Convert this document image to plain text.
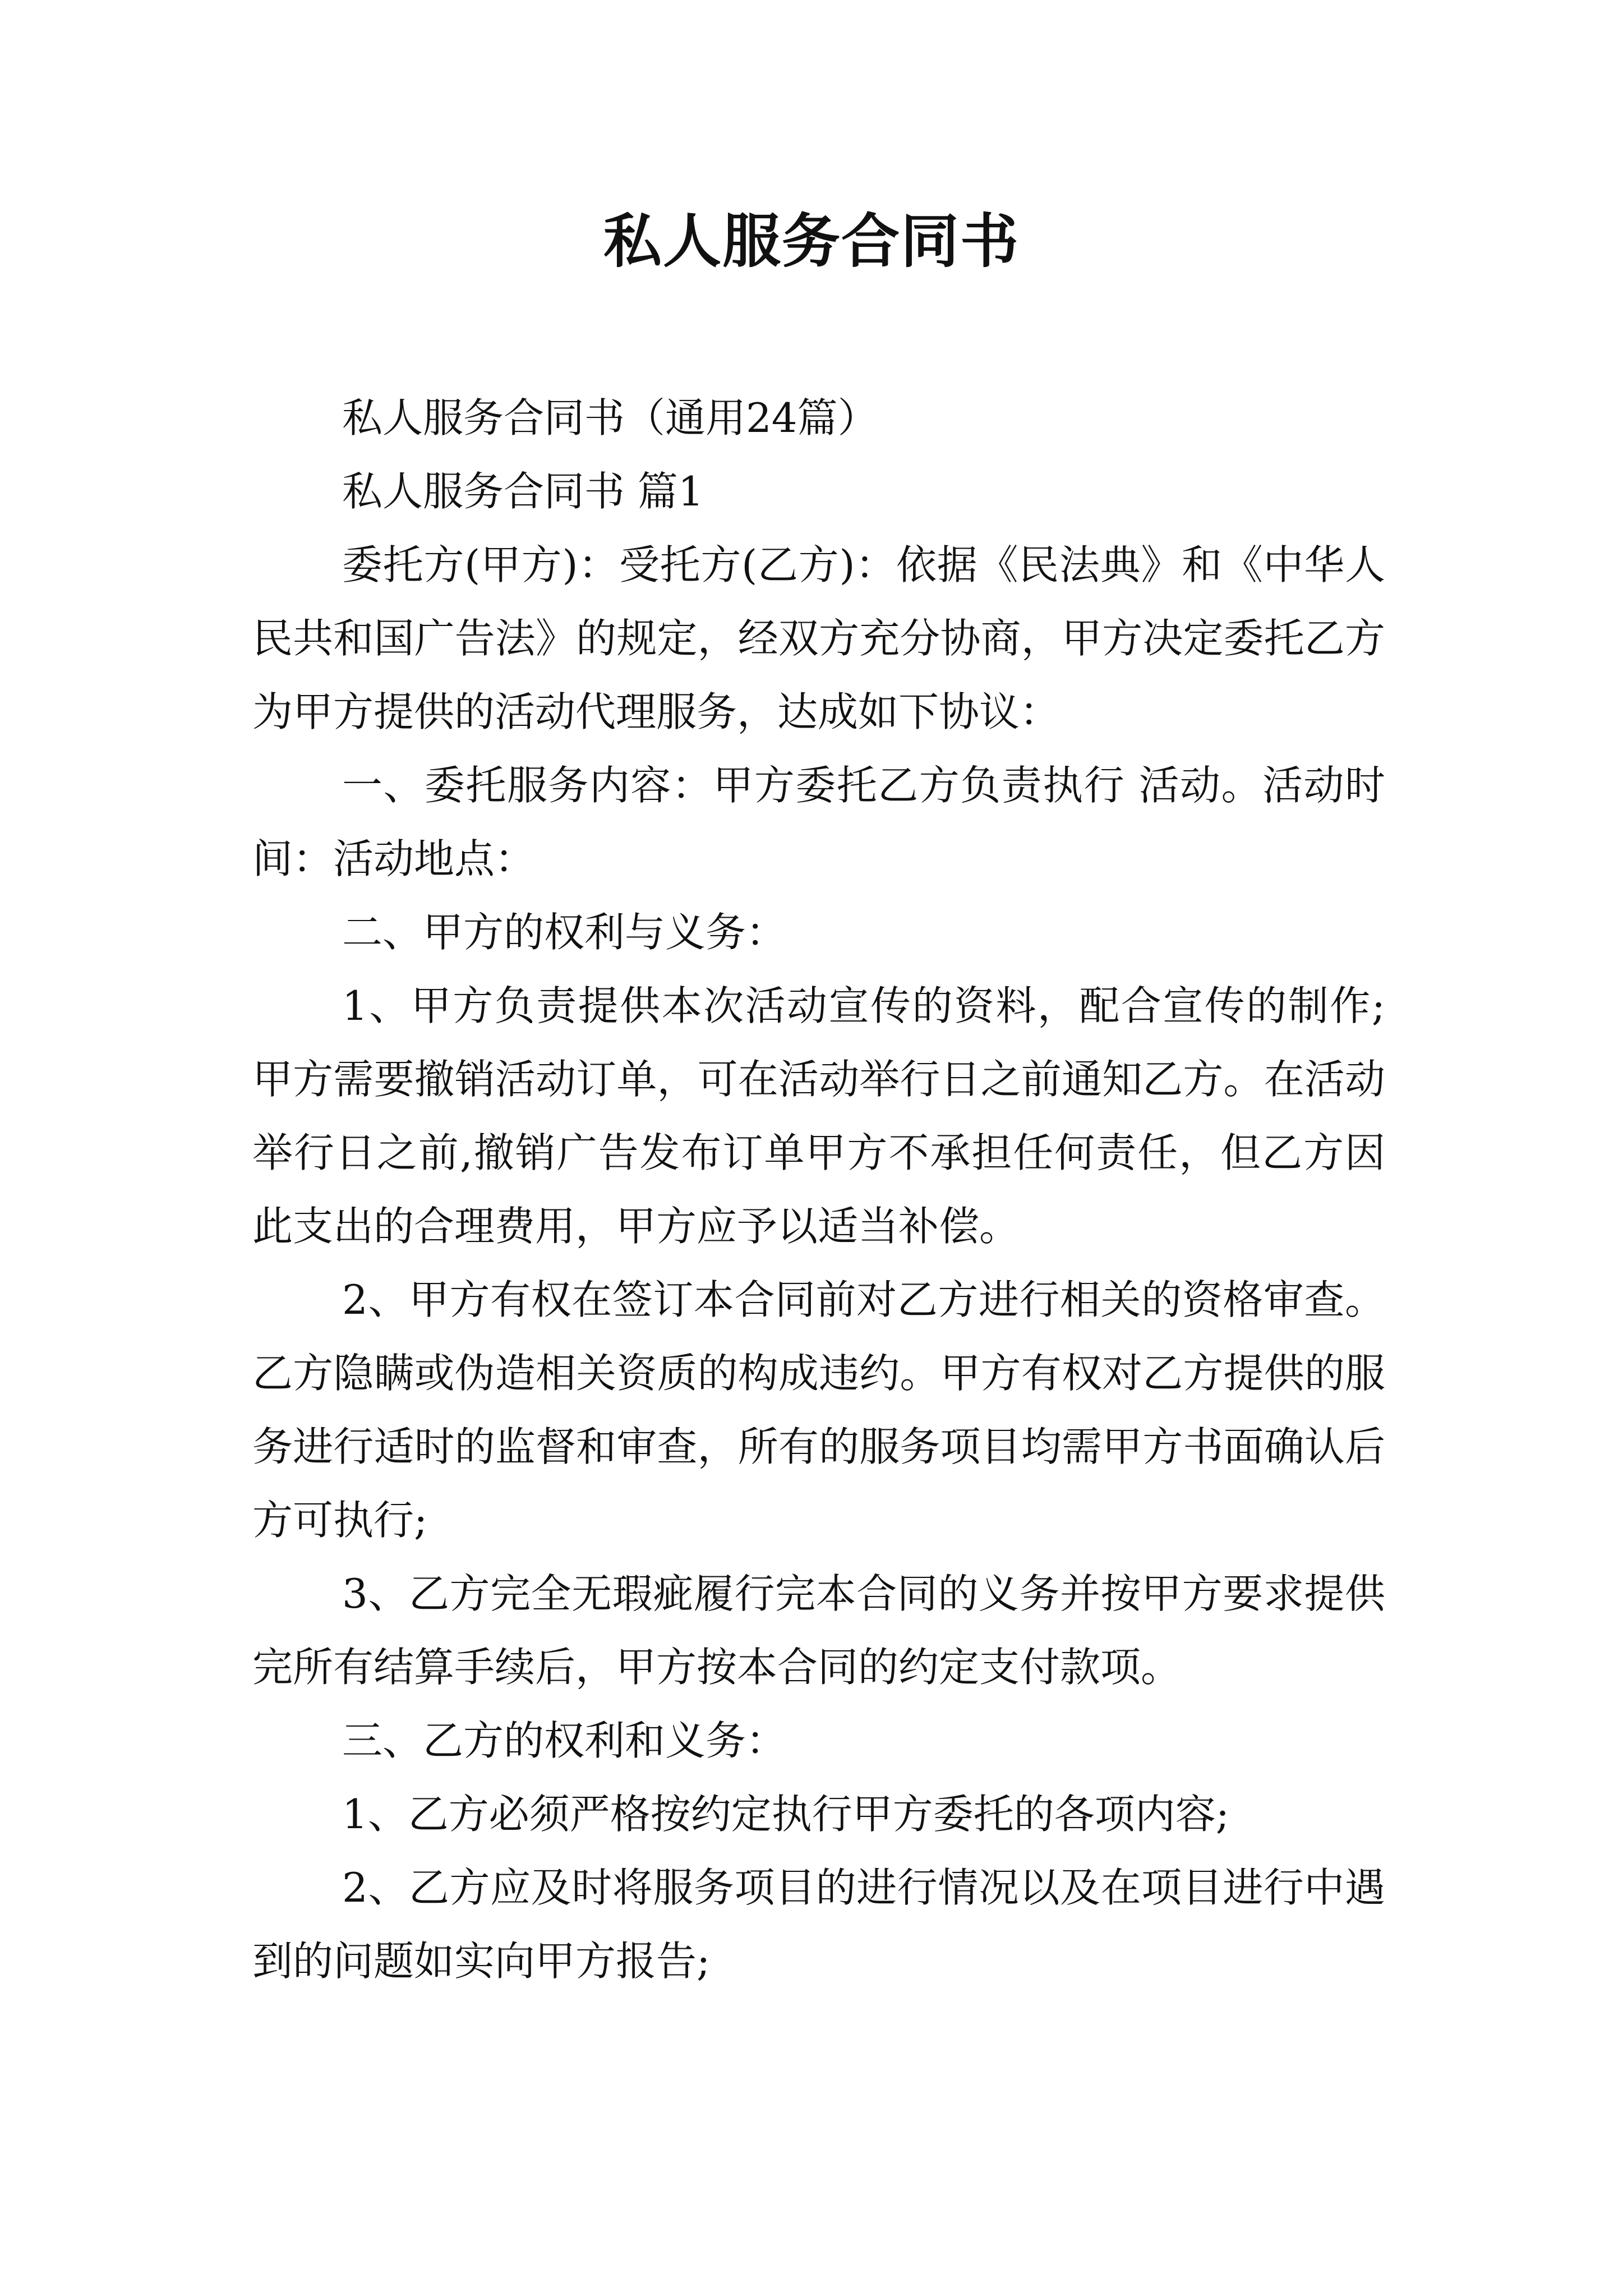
私人服务合同书

私人服务合同书（通用24篇）

私人服务合同书 篇1

委托方(甲方)：受托方(乙方)：依据《民法典》和《中华人民共和国广告法》的规定，经双方充分协商，甲方决定委托乙方为甲方提供的活动代理服务，达成如下协议：

一、委托服务内容：甲方委托乙方负责执行 活动。活动时间：活动地点：

二、甲方的权利与义务：

1、甲方负责提供本次活动宣传的资料，配合宣传的制作;甲方需要撤销活动订单，可在活动举行日之前通知乙方。在活动举行日之前,撤销广告发布订单甲方不承担任何责任，但乙方因此支出的合理费用，甲方应予以适当补偿。

2、甲方有权在签订本合同前对乙方进行相关的资格审查。乙方隐瞒或伪造相关资质的构成违约。甲方有权对乙方提供的服务进行适时的监督和审查，所有的服务项目均需甲方书面确认后方可执行;

3、乙方完全无瑕疵履行完本合同的义务并按甲方要求提供完所有结算手续后，甲方按本合同的约定支付款项。

三、乙方的权利和义务：

1、乙方必须严格按约定执行甲方委托的各项内容;

2、乙方应及时将服务项目的进行情况以及在项目进行中遇到的问题如实向甲方报告;
